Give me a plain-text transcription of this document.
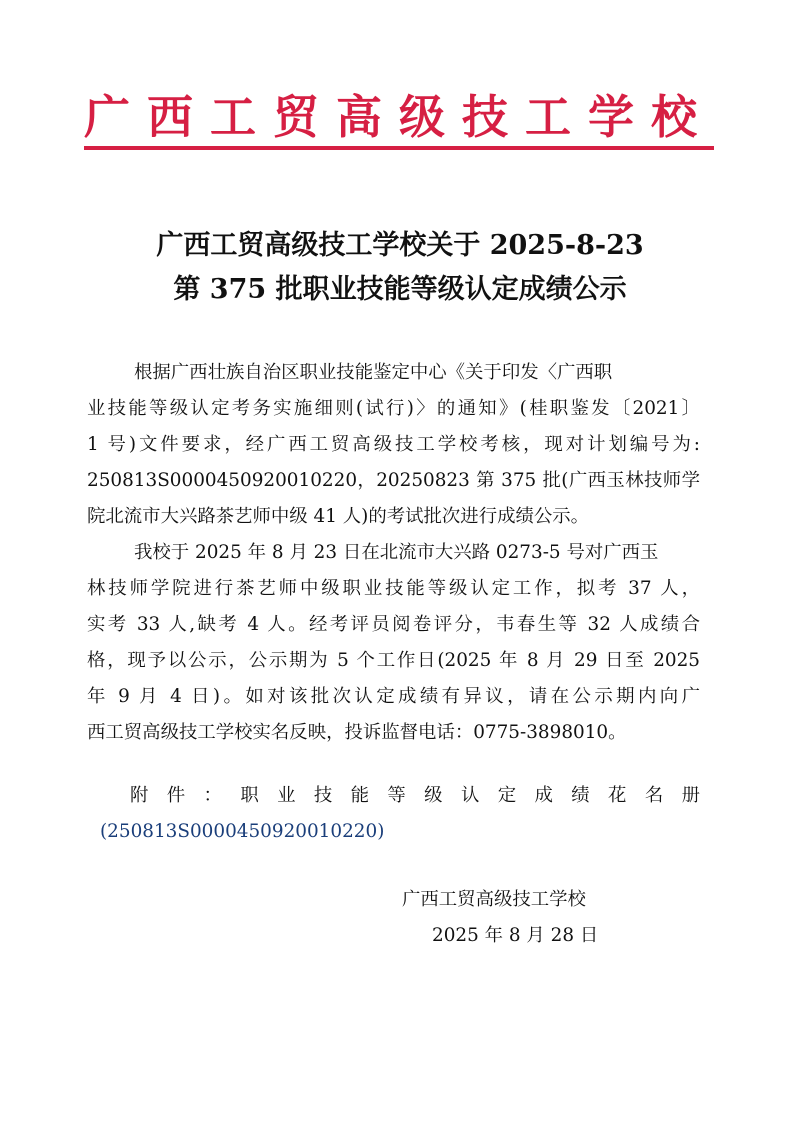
广西工贸高级技工学校
广西工贸高级技工学校关于 2025-8-23
第 375 批职业技能等级认定成绩公示
根据广西壮族自治区职业技能鉴定中心《关于印发〈广西职
业技能等级认定考务实施细则(试行)〉的通知》(桂职鉴发〔2021〕
1 号)文件要求，经广西工贸高级技工学校考核，现对计划编号为:
250813S0000450920010220，20250823 第 375 批(广西玉林技师学
院北流市大兴路茶艺师中级 41 人)的考试批次进行成绩公示。
我校于 2025 年 8 月 23 日在北流市大兴路 0273-5 号对广西玉
林技师学院进行茶艺师中级职业技能等级认定工作，拟考 37 人，
实考 33 人,缺考 4 人。经考评员阅卷评分，韦春生等 32 人成绩合
格，现予以公示，公示期为 5 个工作日(2025 年 8 月 29 日至 2025
年 9 月 4 日)。如对该批次认定成绩有异议，请在公示期内向广
西工贸高级技工学校实名反映，投诉监督电话：0775-3898010。
附件：职业技能等级认定成绩花名册
(250813S0000450920010220)
广西工贸高级技工学校
2025 年 8 月 28 日
